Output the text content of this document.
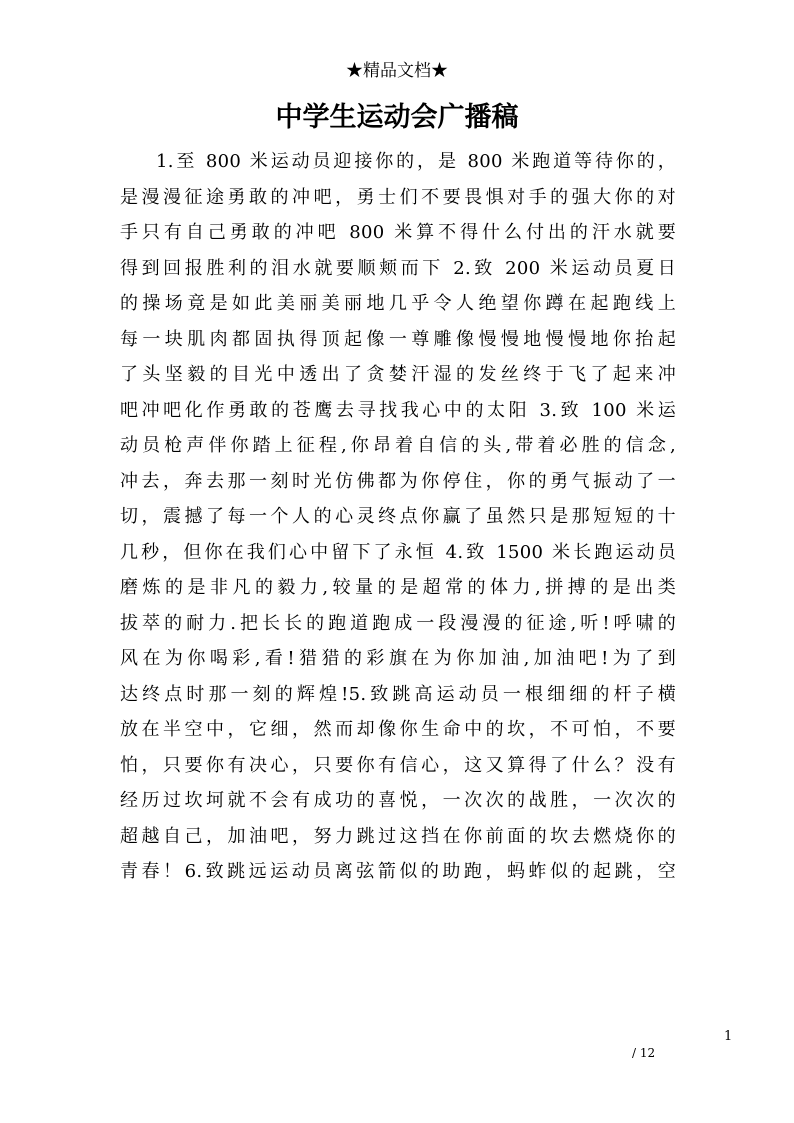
★精品文档★
中学生运动会广播稿
1.至 800 米运动员迎接你的，是 800 米跑道等待你的，
是漫漫征途勇敢的冲吧，勇士们不要畏惧对手的强大你的对
手只有自己勇敢的冲吧 800 米算不得什么付出的汗水就要
得到回报胜利的泪水就要顺颊而下 2.致 200 米运动员夏日
的操场竟是如此美丽美丽地几乎令人绝望你蹲在起跑线上
每一块肌肉都固执得顶起像一尊雕像慢慢地慢慢地你抬起
了头坚毅的目光中透出了贪婪汗湿的发丝终于飞了起来冲
吧冲吧化作勇敢的苍鹰去寻找我心中的太阳 3.致 100 米运
动员枪声伴你踏上征程,你昂着自信的头,带着必胜的信念,
冲去，奔去那一刻时光仿佛都为你停住，你的勇气振动了一
切，震撼了每一个人的心灵终点你赢了虽然只是那短短的十
几秒，但你在我们心中留下了永恒 4.致 1500 米长跑运动员
磨炼的是非凡的毅力,较量的是超常的体力,拼搏的是出类
拔萃的耐力.把长长的跑道跑成一段漫漫的征途,听!呼啸的
风在为你喝彩,看!猎猎的彩旗在为你加油,加油吧!为了到
达终点时那一刻的辉煌!5.致跳高运动员一根细细的杆子横
放在半空中，它细，然而却像你生命中的坎，不可怕，不要
怕，只要你有决心，只要你有信心，这又算得了什么？没有
经历过坎坷就不会有成功的喜悦，一次次的战胜，一次次的
超越自己，加油吧，努力跳过这挡在你前面的坎去燃烧你的
青春！6.致跳远运动员离弦箭似的助跑，蚂蚱似的起跳，空
1
/ 12
